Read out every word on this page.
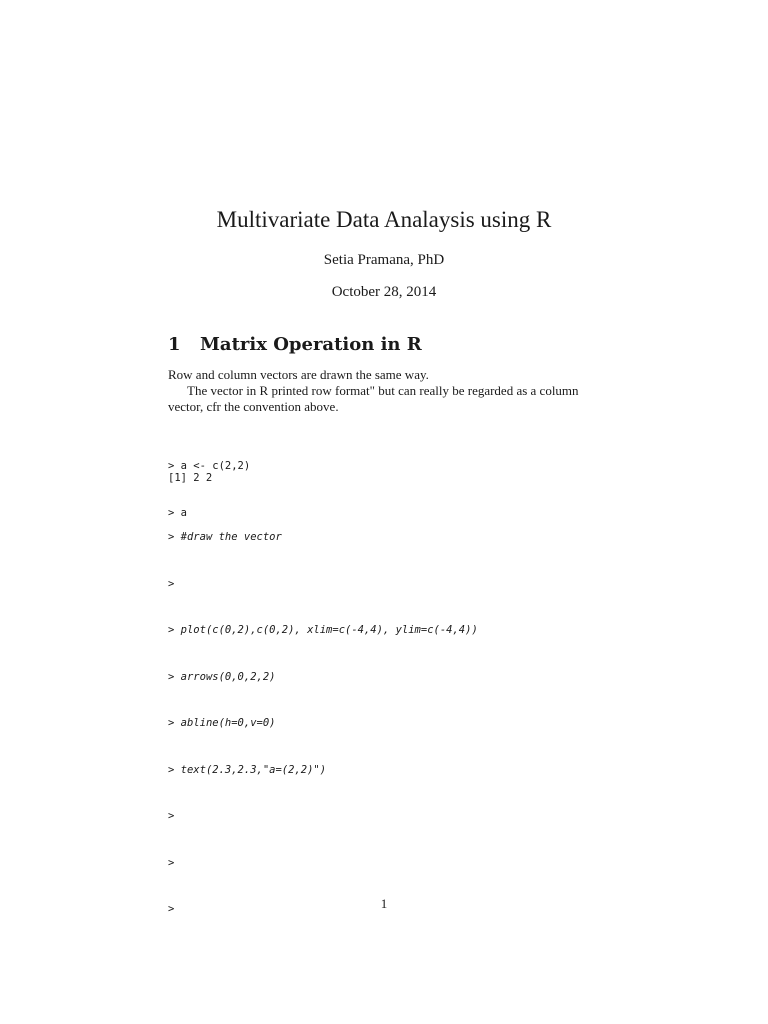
Multivariate Data Analaysis using R
Setia Pramana, PhD
October 28, 2014
1 Matrix Operation in R
Row and column vectors are drawn the same way.
The vector in R printed row format" but can really be regarded as a column vector, cfr the convention above.

> a <- c(2,2)

> a

[1] 2 2

> #draw the vector

>

> plot(c(0,2),c(0,2), xlim=c(-4,4), ylim=c(-4,4))

> arrows(0,0,2,2)

> abline(h=0,v=0)

> text(2.3,2.3,"a=(2,2)")

>

>

>	1
